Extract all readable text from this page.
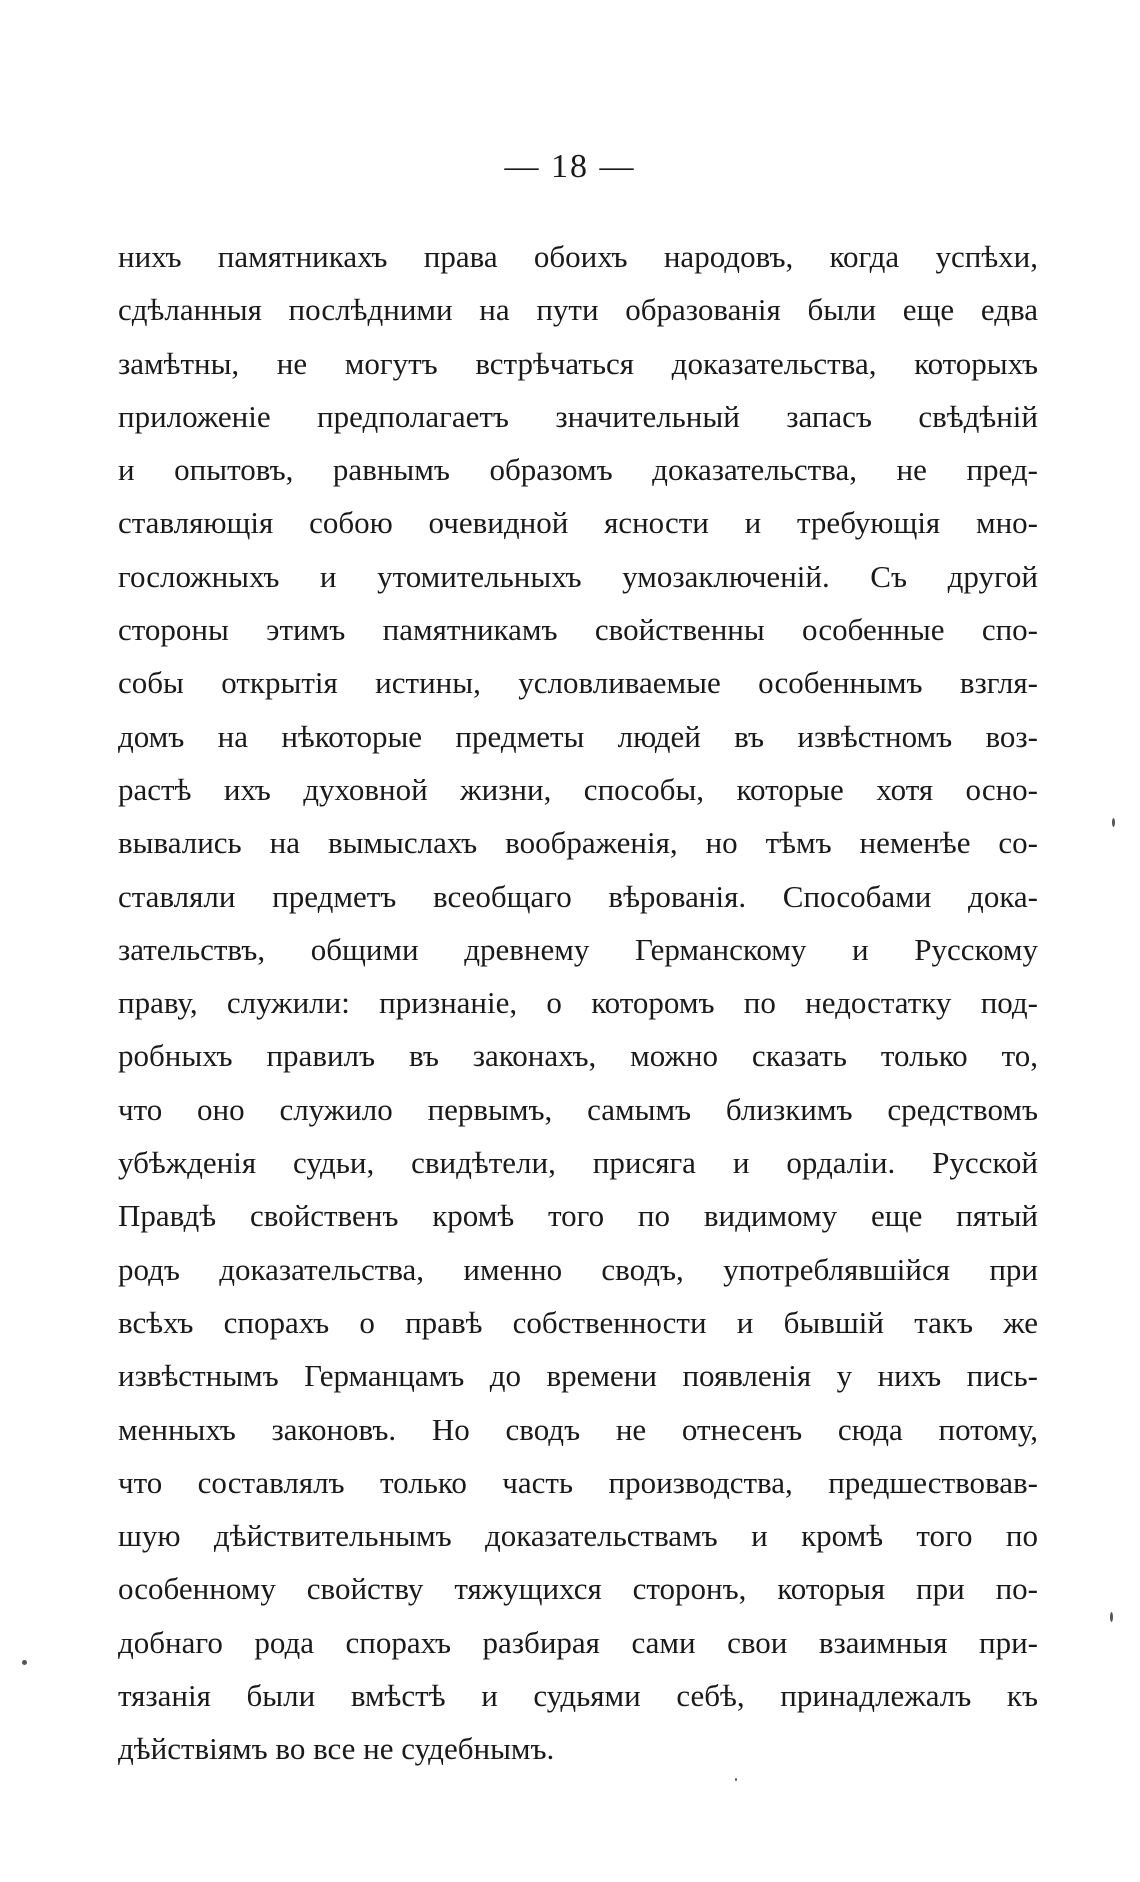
— 18 —
нихъ памятникахъ права обоихъ народовъ, когда успѣхи,
сдѣланныя послѣдними на пути образованія были еще едва
замѣтны, не могутъ встрѣчаться доказательства, которыхъ
приложеніе предполагаетъ значительный запасъ свѣдѣній
и опытовъ, равнымъ образомъ доказательства, не пред-
ставляющія собою очевидной ясности и требующія мно-
госложныхъ и утомительныхъ умозаключеній. Съ другой
стороны этимъ памятникамъ свойственны особенные спо-
собы открытія истины, условливаемые особеннымъ взгля-
домъ на нѣкоторые предметы людей въ извѣстномъ воз-
растѣ ихъ духовной жизни, способы, которые хотя осно-
вывались на вымыслахъ воображенія, но тѣмъ неменѣе со-
ставляли предметъ всеобщаго вѣрованія. Способами дока-
зательствъ, общими древнему Германскому и Русскому
праву, служили: признаніе, о которомъ по недостатку под-
робныхъ правилъ въ законахъ, можно сказать только то,
что оно служило первымъ, самымъ близкимъ средствомъ
убѣжденія судьи, свидѣтели, присяга и ордаліи. Русской
Правдѣ свойственъ кромѣ того по видимому еще пятый
родъ доказательства, именно сводъ, употреблявшійся при
всѣхъ спорахъ о правѣ собственности и бывшій такъ же
извѣстнымъ Германцамъ до времени появленія у нихъ пись-
менныхъ законовъ. Но сводъ не отнесенъ сюда потому,
что составлялъ только часть производства, предшествовав-
шую дѣйствительнымъ доказательствамъ и кромѣ того по
особенному свойству тяжущихся сторонъ, которыя при по-
добнаго рода спорахъ разбирая сами свои взаимныя при-
тязанія были вмѣстѣ и судьями себѣ, принадлежалъ къ
дѣйствіямъ во все не судебнымъ.
